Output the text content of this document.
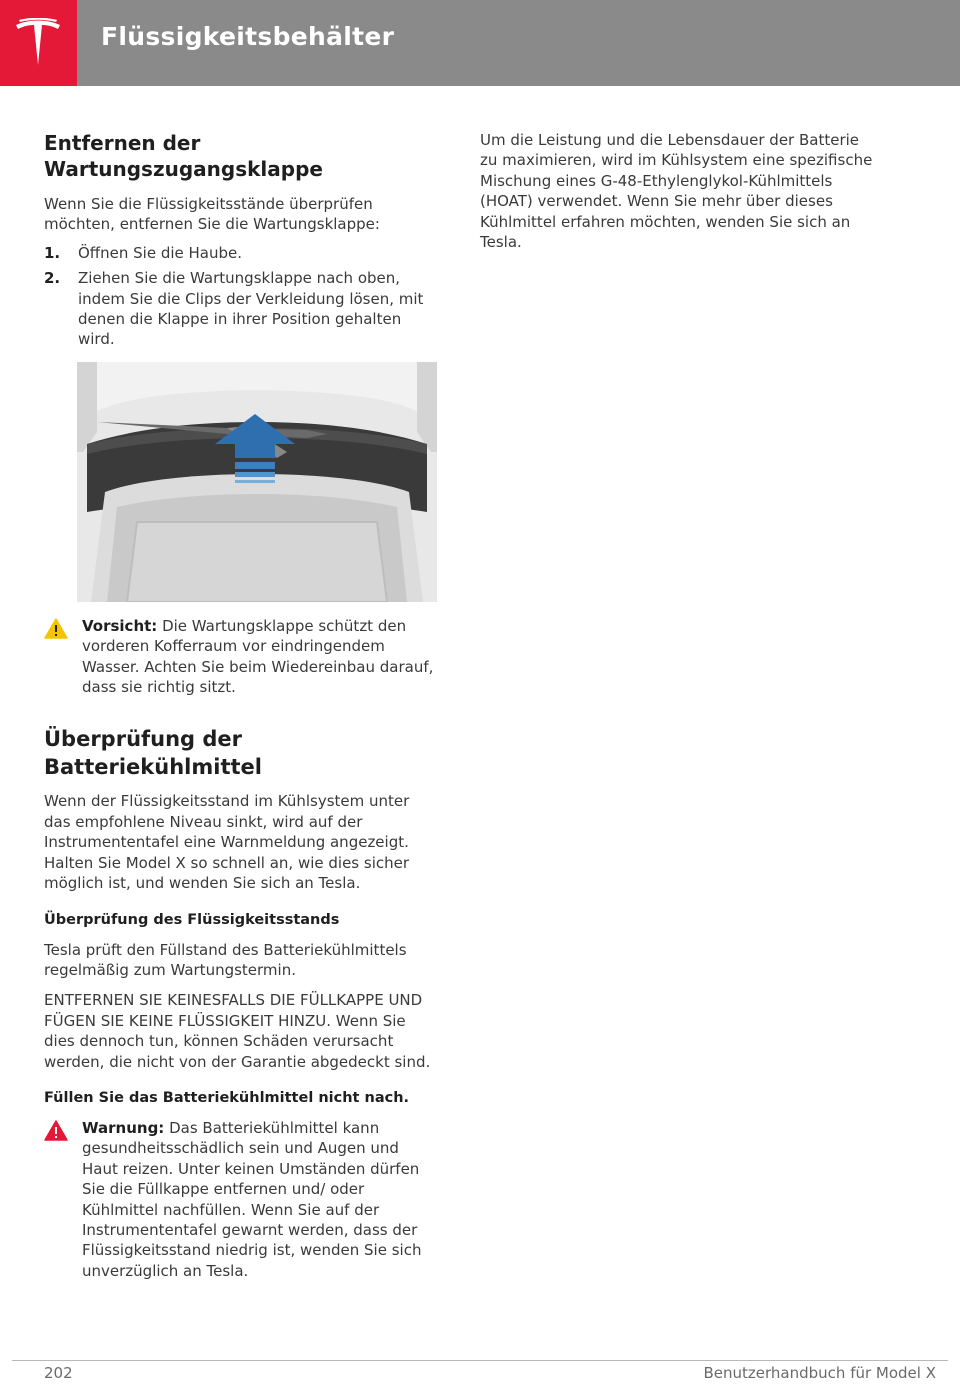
Flüssigkeitsbehälter
Entfernen der Wartungszugangsklappe

Wenn Sie die Flüssigkeitsstände überprüfen möchten, entfernen Sie die Wartungsklappe:

1. Öffnen Sie die Haube.
2. Ziehen Sie die Wartungsklappe nach oben, indem Sie die Clips der Verkleidung lösen, mit denen die Klappe in ihrer Position gehalten wird.
Vorsicht: Die Wartungsklappe schützt den vorderen Kofferraum vor eindringendem Wasser. Achten Sie beim Wiedereinbau darauf, dass sie richtig sitzt.
Überprüfung der Batteriekühlmittel

Wenn der Flüssigkeitsstand im Kühlsystem unter das empfohlene Niveau sinkt, wird auf der Instrumententafel eine Warnmeldung angezeigt. Halten Sie Model X so schnell an, wie dies sicher möglich ist, und wenden Sie sich an Tesla.

Überprüfung des Flüssigkeitsstands

Tesla prüft den Füllstand des Batteriekühlmittels regelmäßig zum Wartungstermin.

ENTFERNEN SIE KEINESFALLS DIE FÜLLKAPPE UND FÜGEN SIE KEINE FLÜSSIGKEIT HINZU. Wenn Sie dies dennoch tun, können Schäden verursacht werden, die nicht von der Garantie abgedeckt sind.

Füllen Sie das Batteriekühlmittel nicht nach.
Warnung: Das Batteriekühlmittel kann gesundheitsschädlich sein und Augen und Haut reizen. Unter keinen Umständen dürfen Sie die Füllkappe entfernen und/ oder Kühlmittel nachfüllen. Wenn Sie auf der Instrumententafel gewarnt werden, dass der Flüssigkeitsstand niedrig ist, wenden Sie sich unverzüglich an Tesla.

Um die Leistung und die Lebensdauer der Batterie zu maximieren, wird im Kühlsystem eine spezifische Mischung eines G-48-Ethylenglykol-Kühlmittels (HOAT) verwendet. Wenn Sie mehr über dieses Kühlmittel erfahren möchten, wenden Sie sich an Tesla.

202	Benutzerhandbuch für Model X
